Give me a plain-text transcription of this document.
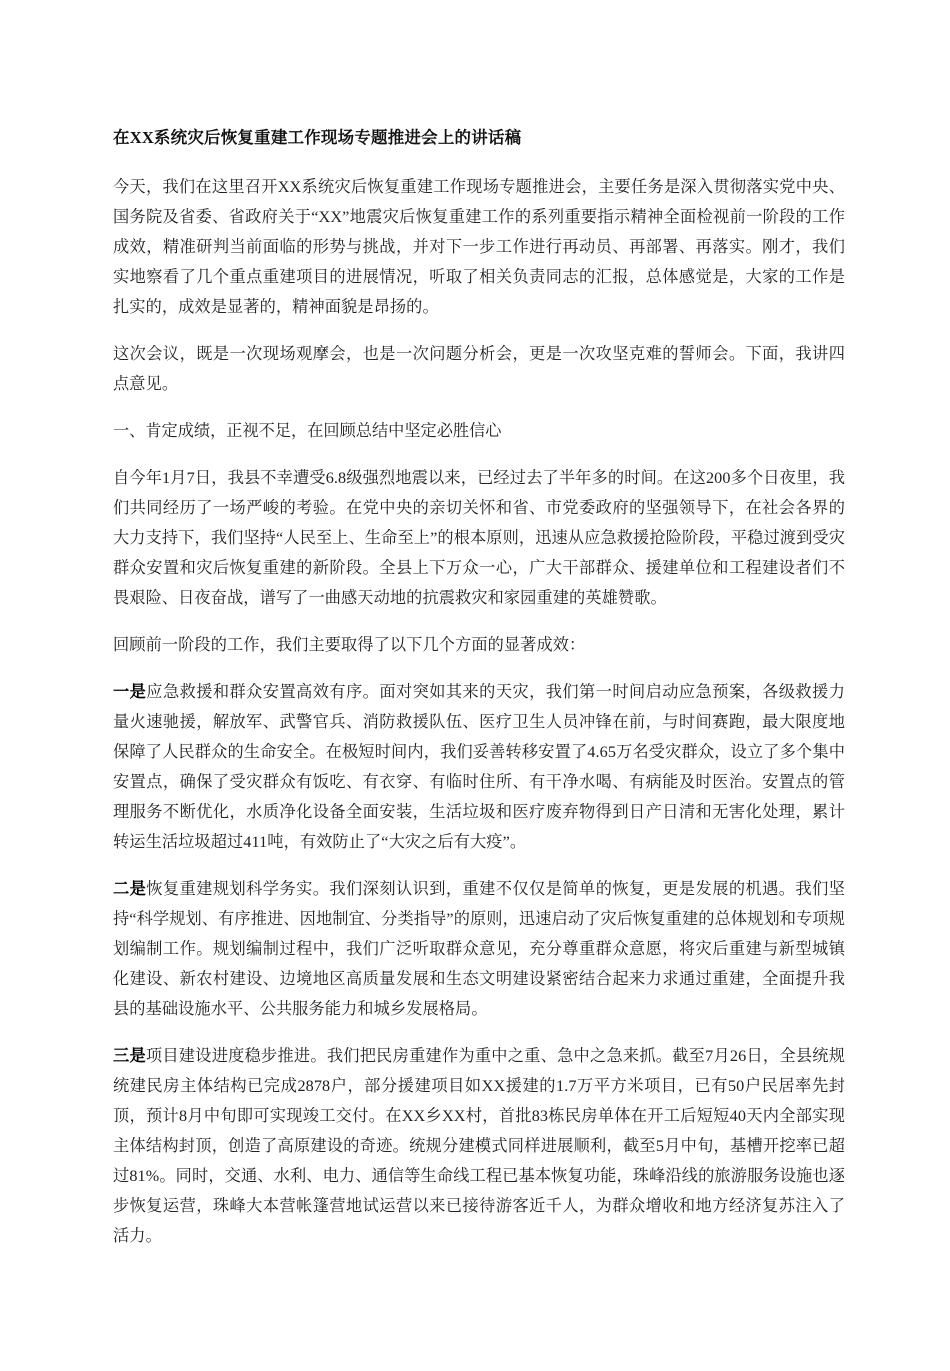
在XX系统灾后恢复重建工作现场专题推进会上的讲话稿

今天，我们在这里召开XX系统灾后恢复重建工作现场专题推进会，主要任务是深入贯彻落实党中央、国务院及省委、省政府关于“XX”地震灾后恢复重建工作的系列重要指示精神全面检视前一阶段的工作成效，精准研判当前面临的形势与挑战，并对下一步工作进行再动员、再部署、再落实。刚才，我们实地察看了几个重点重建项目的进展情况，听取了相关负责同志的汇报，总体感觉是，大家的工作是扎实的，成效是显著的，精神面貌是昂扬的。

这次会议，既是一次现场观摩会，也是一次问题分析会，更是一次攻坚克难的誓师会。下面，我讲四点意见。

一、肯定成绩，正视不足，在回顾总结中坚定必胜信心

自今年1月7日，我县不幸遭受6.8级强烈地震以来，已经过去了半年多的时间。在这200多个日夜里，我们共同经历了一场严峻的考验。在党中央的亲切关怀和省、市党委政府的坚强领导下，在社会各界的大力支持下，我们坚持“人民至上、生命至上”的根本原则，迅速从应急救援抢险阶段，平稳过渡到受灾群众安置和灾后恢复重建的新阶段。全县上下万众一心，广大干部群众、援建单位和工程建设者们不畏艰险、日夜奋战，谱写了一曲感天动地的抗震救灾和家园重建的英雄赞歌。

回顾前一阶段的工作，我们主要取得了以下几个方面的显著成效：

一是应急救援和群众安置高效有序。面对突如其来的天灾，我们第一时间启动应急预案，各级救援力量火速驰援，解放军、武警官兵、消防救援队伍、医疗卫生人员冲锋在前，与时间赛跑，最大限度地保障了人民群众的生命安全。在极短时间内，我们妥善转移安置了4.65万名受灾群众，设立了多个集中安置点，确保了受灾群众有饭吃、有衣穿、有临时住所、有干净水喝、有病能及时医治。安置点的管理服务不断优化，水质净化设备全面安装，生活垃圾和医疗废弃物得到日产日清和无害化处理，累计转运生活垃圾超过411吨，有效防止了“大灾之后有大疫”。

二是恢复重建规划科学务实。我们深刻认识到，重建不仅仅是简单的恢复，更是发展的机遇。我们坚持“科学规划、有序推进、因地制宜、分类指导”的原则，迅速启动了灾后恢复重建的总体规划和专项规划编制工作。规划编制过程中，我们广泛听取群众意见，充分尊重群众意愿，将灾后重建与新型城镇化建设、新农村建设、边境地区高质量发展和生态文明建设紧密结合起来力求通过重建，全面提升我县的基础设施水平、公共服务能力和城乡发展格局。

三是项目建设进度稳步推进。我们把民房重建作为重中之重、急中之急来抓。截至7月26日，全县统规统建民房主体结构已完成2878户，部分援建项目如XX援建的1.7万平方米项目，已有50户民居率先封顶，预计8月中旬即可实现竣工交付。在XX乡XX村，首批83栋民房单体在开工后短短40天内全部实现主体结构封顶，创造了高原建设的奇迹。统规分建模式同样进展顺利，截至5月中旬，基槽开挖率已超过81%。同时，交通、水利、电力、通信等生命线工程已基本恢复功能，珠峰沿线的旅游服务设施也逐步恢复运营，珠峰大本营帐篷营地试运营以来已接待游客近千人，为群众增收和地方经济复苏注入了活力。
